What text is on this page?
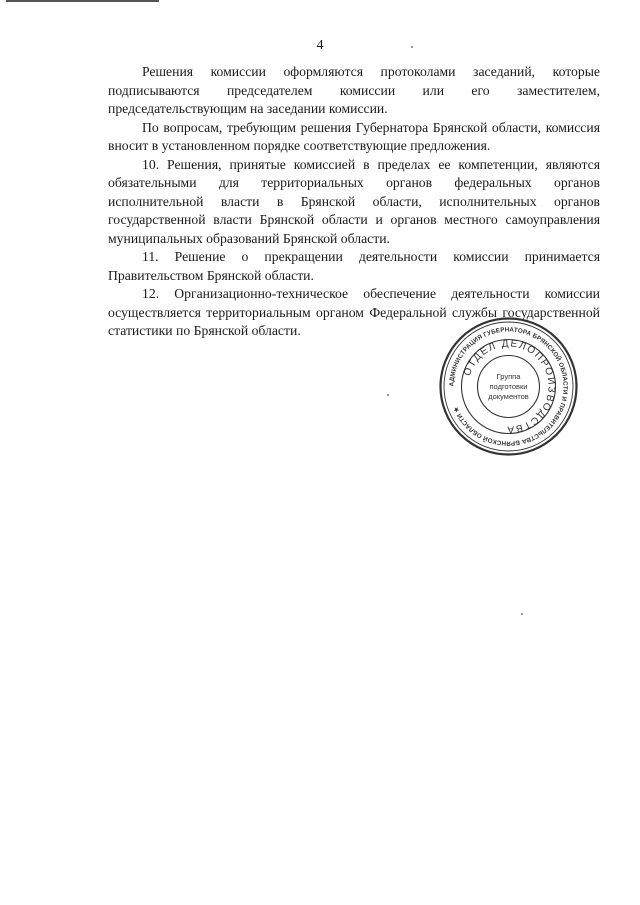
4

Решения комиссии оформляются протоколами заседаний, которые подписываются председателем комиссии или его заместителем, председательствующим на заседании комиссии.

По вопросам, требующим решения Губернатора Брянской области, комиссия вносит в установленном порядке соответствующие предложения.

10. Решения, принятые комиссией в пределах ее компетенции, являются обязательными для территориальных органов федеральных органов исполнительной власти в Брянской области, исполнительных органов государственной власти Брянской области и органов местного самоуправления муниципальных образований Брянской области.

11. Решение о прекращении деятельности комиссии принимается Правительством Брянской области.

12. Организационно-техническое обеспечение деятельности комиссии осуществляется территориальным органом Федеральной службы государственной статистики по Брянской области.

АДМИНИСТРАЦИЯ ГУБЕРНАТОРА БРЯНСКОЙ ОБЛАСТИ И ПРАВИТЕЛЬСТВА БРЯНСКОЙ ОБЛАСТИ ★
ОТДЕЛ ДЕЛОПРОИЗВОДСТВА
Группа
подготовки
документов
